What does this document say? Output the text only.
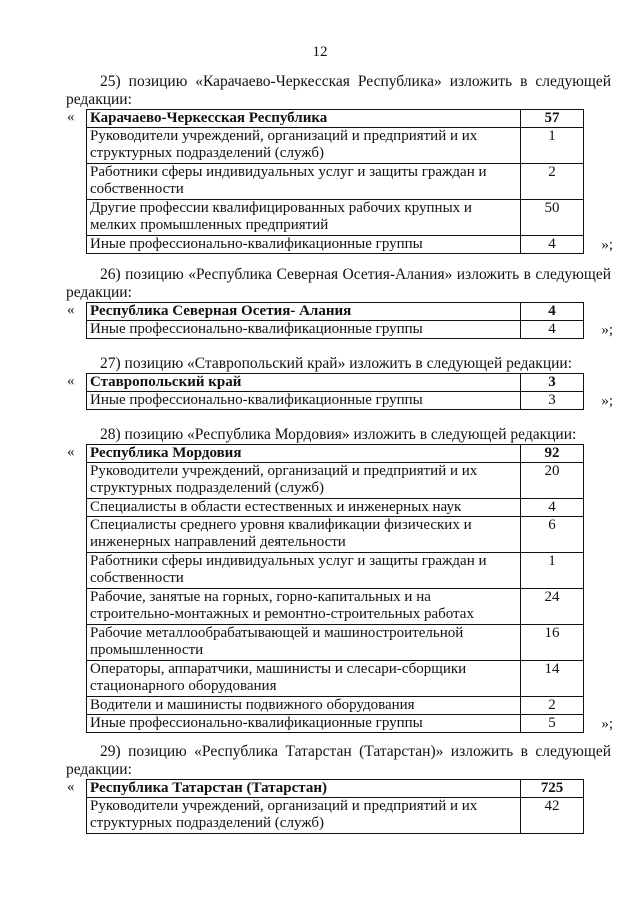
12

25) позицию «Карачаево-Черкесская Республика» изложить в следующей редакции:

« Карачаево-Черкесская Республика	57
Руководители учреждений, организаций и предприятий и их структурных подразделений (служб)	1
Работники сферы индивидуальных услуг и защиты граждан и собственности	2
Другие профессии квалифицированных рабочих крупных и мелких промышленных предприятий	50
Иные профессионально-квалификационные группы	4	»;

26) позицию «Республика Северная Осетия-Алания» изложить в следующей редакции:

« Республика Северная Осетия- Алания	4
Иные профессионально-квалификационные группы	4	»;

27) позицию «Ставропольский край» изложить в следующей редакции:

« Ставропольский край	3
Иные профессионально-квалификационные группы	3	»;

28) позицию «Республика Мордовия» изложить в следующей редакции:

« Республика Мордовия	92
Руководители учреждений, организаций и предприятий и их структурных подразделений (служб)	20
Специалисты в области естественных и инженерных наук	4
Специалисты среднего уровня квалификации физических и инженерных направлений деятельности	6
Работники сферы индивидуальных услуг и защиты граждан и собственности	1
Рабочие, занятые на горных, горно-капитальных и на строительно-монтажных и ремонтно-строительных работах	24
Рабочие металлообрабатывающей и машиностроительной промышленности	16
Операторы, аппаратчики, машинисты и слесари-сборщики стационарного оборудования	14
Водители и машинисты подвижного оборудования	2
Иные профессионально-квалификационные группы	5	»;

29) позицию «Республика Татарстан (Татарстан)» изложить в следующей редакции:

« Республика Татарстан (Татарстан)	725
Руководители учреждений, организаций и предприятий и их структурных подразделений (служб)	42
